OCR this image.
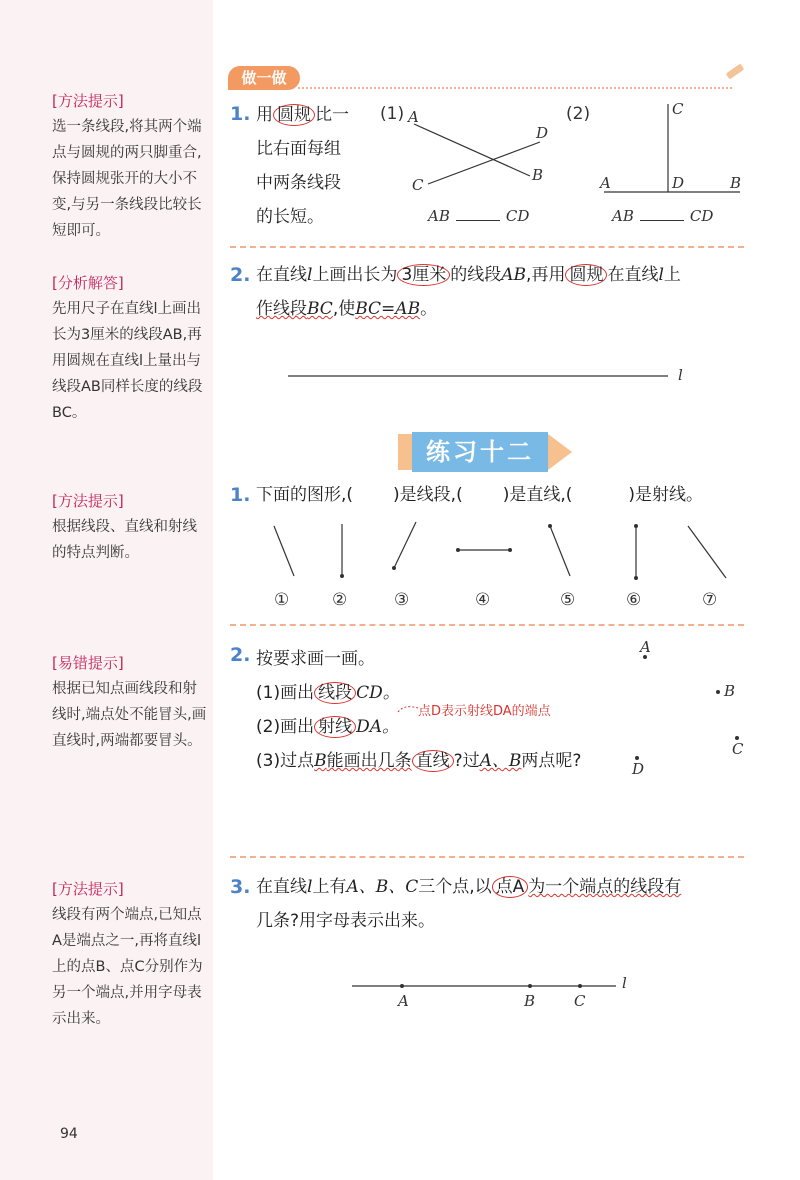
[方法提示]
选一条线段,将其两个端点与圆规的两只脚重合,保持圆规张开的大小不变,与另一条线段比较长短即可。
[分析解答]
先用尺子在直线l上画出长为3厘米的线段AB,再用圆规在直线l上量出与线段AB同样长度的线段BC。
[方法提示]
根据线段、直线和射线的特点判断。
[易错提示]
根据已知点画线段和射线时,端点处不能冒头,画直线时,两端都要冒头。
[方法提示]
线段有两个端点,已知点A是端点之一,再将直线l上的点B、点C分别作为另一个端点,并用字母表示出来。
94
做一做
1. 用 圆规 比一
比右面每组
中两条线段
的长短。
(1)	(2)
A
D
B
C
AB	CD
C
A	D	B
AB	CD
2. 在直线l上画出长为 3厘米 的线段AB,再用 圆规 在直线l上
作线段BC,使BC=AB。
l
练习十二
1. 下面的图形,( )是线段,( )是直线,(	)是射线。
①	②	③	④	⑤	⑥	⑦
2. 按要求画一画。
(1)画出 线段 CD。
(2)画出 射线 DA。
(3)过点B能画出几条 直线 ?过A、B两点呢?
点D表示射线DA的端点
A
B
C
D
3. 在直线l上有A、B、C三个点,以 点A 为一个端点的线段有
几条?用字母表示出来。
A	B	C
l
